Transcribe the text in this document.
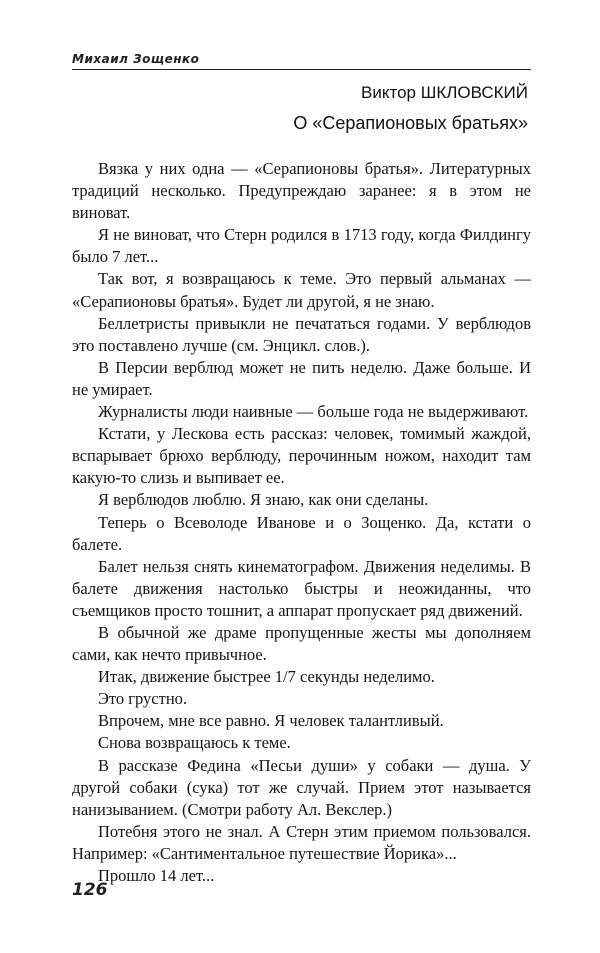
Михаил Зощенко
Виктор ШКЛОВСКИЙ
О «Серапионовых братьях»

Вязка у них одна — «Серапионовы братья». Литературных традиций несколько. Предупреждаю заранее: я в этом не виноват.

Я не виноват, что Стерн родился в 1713 году, когда Филдингу было 7 лет...

Так вот, я возвращаюсь к теме. Это первый альманах — «Серапионовы братья». Будет ли другой, я не знаю.

Беллетристы привыкли не печататься годами. У верблюдов это поставлено лучше (см. Энцикл. слов.).

В Персии верблюд может не пить неделю. Даже больше. И не умирает.

Журналисты люди наивные — больше года не выдерживают.

Кстати, у Лескова есть рассказ: человек, томимый жаждой, вспарывает брюхо верблюду, перочинным ножом, находит там какую-то слизь и выпивает ее.

Я верблюдов люблю. Я знаю, как они сделаны.

Теперь о Всеволоде Иванове и о Зощенко. Да, кстати о балете.

Балет нельзя снять кинематографом. Движения неделимы. В балете движения настолько быстры и неожиданны, что съемщиков просто тошнит, а аппарат пропускает ряд движений.

В обычной же драме пропущенные жесты мы дополняем сами, как нечто привычное.

Итак, движение быстрее 1/7 секунды неделимо.

Это грустно.

Впрочем, мне все равно. Я человек талантливый.

Снова возвращаюсь к теме.

В рассказе Федина «Песьи души» у собаки — душа. У другой собаки (сука) тот же случай. Прием этот называется нанизыванием. (Смотри работу Ал. Векслер.)

Потебня этого не знал. А Стерн этим приемом пользовался. Например: «Сантиментальное путешествие Йорика»...

Прошло 14 лет...

126
